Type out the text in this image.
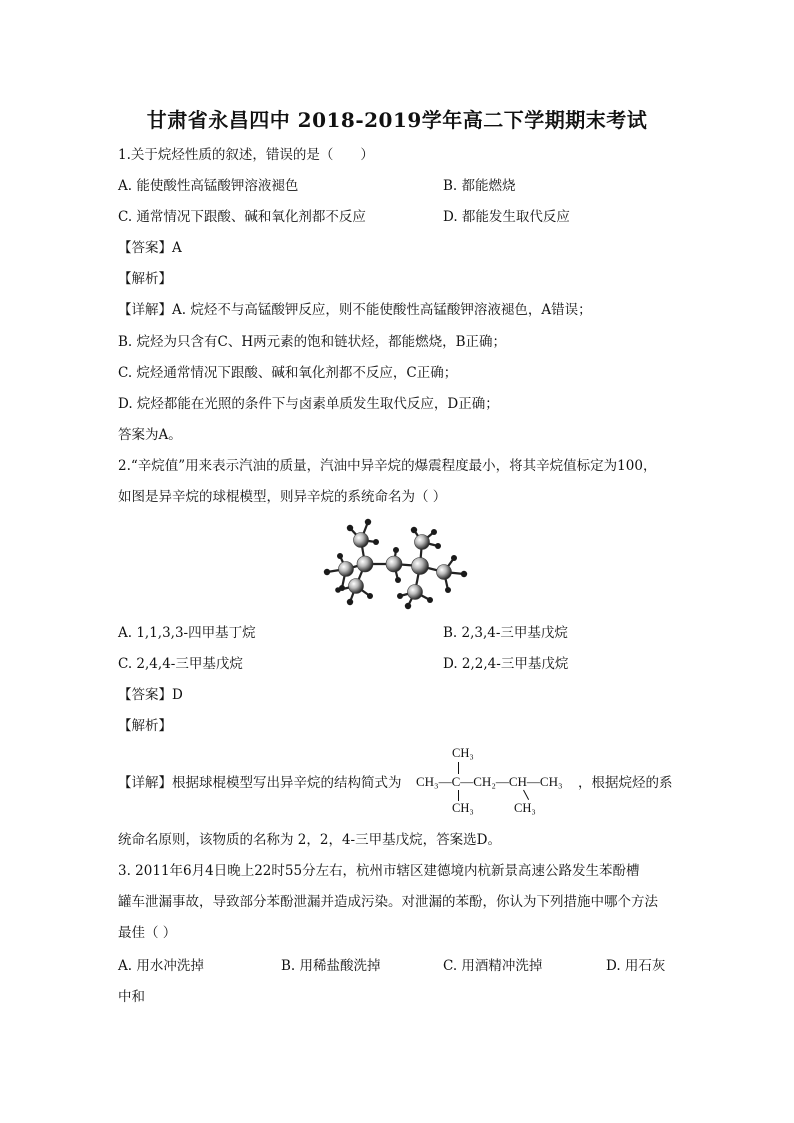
甘肃省永昌四中 2018-2019学年高二下学期期末考试
1.关于烷烃性质的叙述，错误的是（　　）
A. 能使酸性高锰酸钾溶液褪色	B. 都能燃烧
C. 通常情况下跟酸、碱和氧化剂都不反应	D. 都能发生取代反应
【答案】A
【解析】
【详解】A. 烷烃不与高锰酸钾反应，则不能使酸性高锰酸钾溶液褪色，A错误；
B. 烷烃为只含有C、H两元素的饱和链状烃，都能燃烧，B正确；
C. 烷烃通常情况下跟酸、碱和氧化剂都不反应，C正确；
D. 烷烃都能在光照的条件下与卤素单质发生取代反应，D正确；
答案为A。
2.“辛烷值”用来表示汽油的质量，汽油中异辛烷的爆震程度最小，将其辛烷值标定为100，
如图是异辛烷的球棍模型，则异辛烷的系统命名为（ ）
A. 1,1,3,3-四甲基丁烷	B. 2,3,4-三甲基戊烷
C. 2,4,4-三甲基戊烷	D. 2,2,4-三甲基戊烷
【答案】D
【解析】
【详解】根据球棍模型写出异辛烷的结构简式为 CH₃—C—CH₂—CH—CH₃
CH₃
CH₃	CH₃
，根据烷烃的系
统命名原则，该物质的名称为 2，2，4-三甲基戊烷，答案选D。
3. 2011年6月4日晚上22时55分左右，杭州市辖区建德境内杭新景高速公路发生苯酚槽
罐车泄漏事故，导致部分苯酚泄漏并造成污染。对泄漏的苯酚，你认为下列措施中哪个方法
最佳（ ）
A. 用水冲洗掉	B. 用稀盐酸洗掉	C. 用酒精冲洗掉	D. 用石灰
中和
